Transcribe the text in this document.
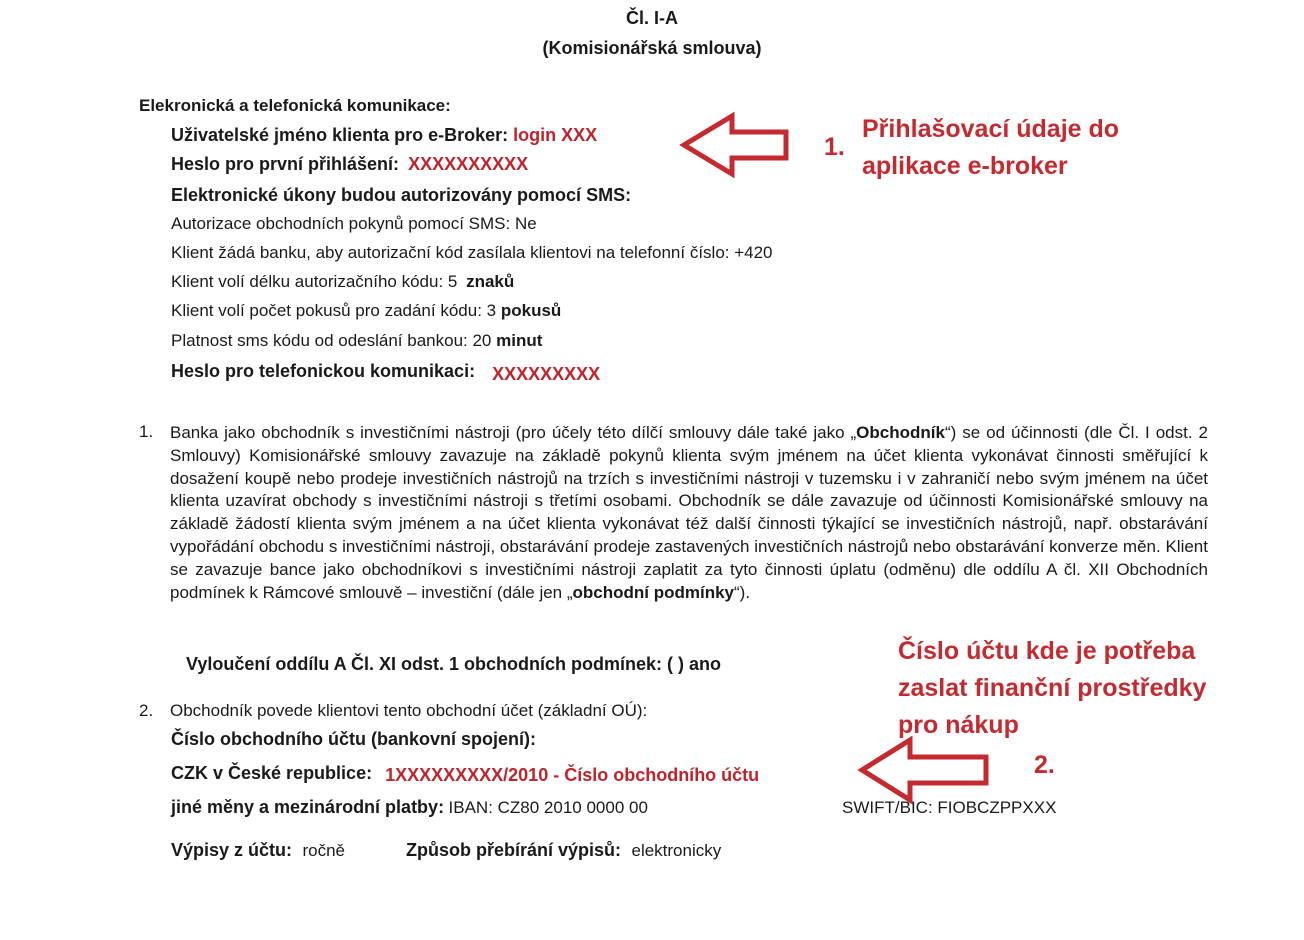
Čl. I-A
(Komisionářská smlouva)
Elekronická a telefonická komunikace:
Uživatelské jméno klienta pro e-Broker: login XXX
Heslo pro první přihlášení: XXXXXXXXXX
Elektronické úkony budou autorizovány pomocí SMS:
Autorizace obchodních pokynů pomocí SMS: Ne
Klient žádá banku, aby autorizační kód zasílala klientovi na telefonní číslo: +420
Klient volí délku autorizačního kódu: 5 znaků
Klient volí počet pokusů pro zadání kódu: 3 pokusů
Platnost sms kódu od odeslání bankou: 20 minut
Heslo pro telefonickou komunikaci: XXXXXXXXX
1.
Přihlašovací údaje do
aplikace e-broker
1. Banka jako obchodník s investičními nástroji (pro účely této dílčí smlouvy dále také jako „Obchodník“) se od účinnosti (dle Čl. I odst. 2 Smlouvy) Komisionářské smlouvy zavazuje na základě pokynů klienta svým jménem na účet klienta vykonávat činnosti směřující k dosažení koupě nebo prodeje investičních nástrojů na trzích s investičními nástroji v tuzemsku i v zahraničí nebo svým jménem na účet klienta uzavírat obchody s investičními nástroji s třetími osobami. Obchodník se dále zavazuje od účinnosti Komisionářské smlouvy na základě žádostí klienta svým jménem a na účet klienta vykonávat též další činnosti týkající se investičních nástrojů, např. obstarávání vypořádání obchodu s investičními nástroji, obstarávání prodeje zastavených investičních nástrojů nebo obstarávání konverze měn. Klient se zavazuje bance jako obchodníkovi s investičními nástroji zaplatit za tyto činnosti úplatu (odměnu) dle oddílu A čl. XII Obchodních podmínek k Rámcové smlouvě – investiční (dále jen „obchodní podmínky“).
Vyloučení oddílu A Čl. XI odst. 1 obchodních podmínek: ( ) ano	Číslo účtu kde je potřeba
zaslat finanční prostředky
pro nákup
2.
2. Obchodník povede klientovi tento obchodní účet (základní OÚ):
Číslo obchodního účtu (bankovní spojení):
CZK v České republice: 1XXXXXXXXX/2010 - Číslo obchodního účtu
jiné měny a mezinárodní platby: IBAN: CZ80 2010 0000 00	SWIFT/BIC: FIOBCZPPXXX
Výpisy z účtu: ročně	Způsob přebírání výpisů: elektronicky
